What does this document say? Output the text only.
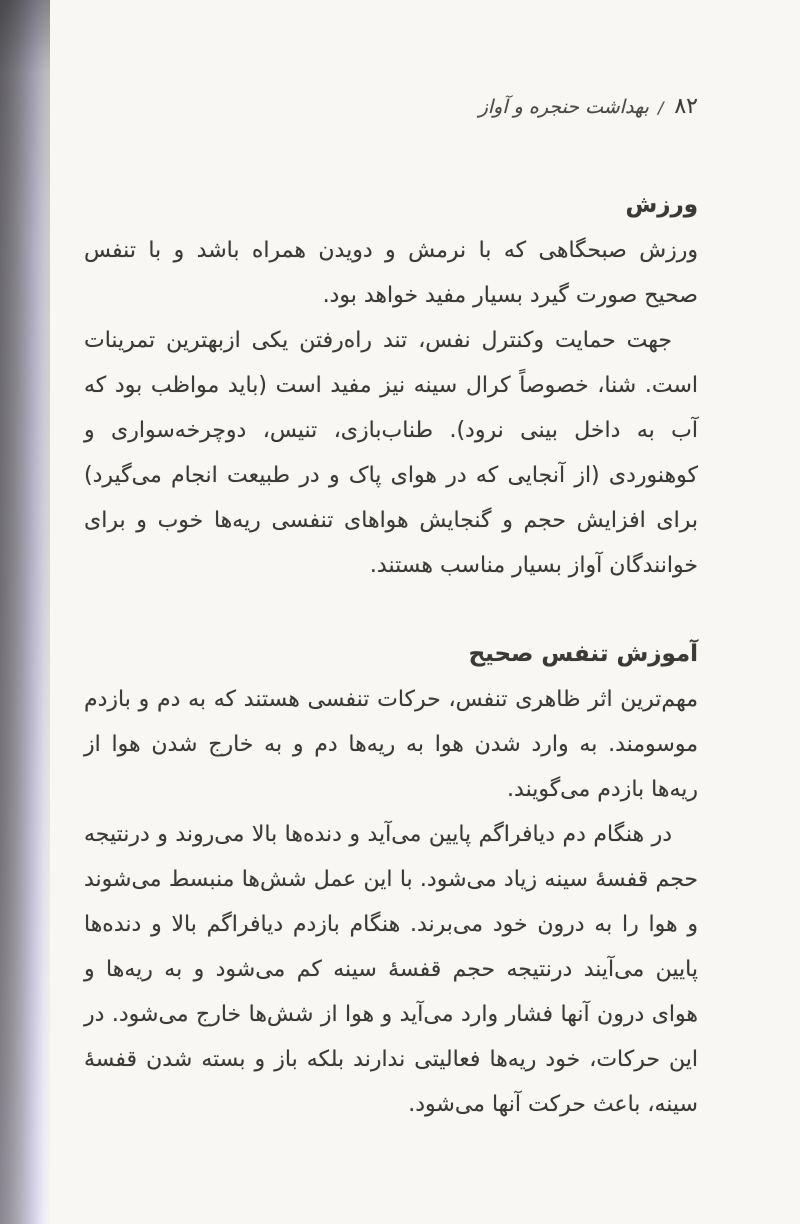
۸۲/بهداشت حنجره و آواز
ورزش

ورزش صبحگاهی که با نرمش و دویدن همراه باشد و با تنفس صحیح صورت گیرد بسیار مفید خواهد بود.

جهت حمایت وکنترل نفس، تند راه‌رفتن یکی ازبهترین تمرینات است. شنا، خصوصاً کرال سینه نیز مفید است (باید مواظب بود که آب به داخل بینی نرود). طناب‌بازی، تنیس، دوچرخه‌سواری و کوهنوردی (از آنجایی که در هوای پاک و در طبیعت انجام می‌گیرد) برای افزایش حجم و گنجایش هواهای تنفسی ریه‌ها خوب و برای خوانندگان آواز بسیار مناسب هستند.

آموزش تنفس صحیح

مهم‌ترین اثر ظاهری تنفس، حرکات تنفسی هستند که به دم و بازدم موسومند. به وارد شدن هوا به ریه‌ها دم و به خارج شدن هوا از ریه‌ها بازدم می‌گویند.

در هنگام دم دیافراگم پایین می‌آید و دنده‌ها بالا می‌روند و درنتیجه حجم قفسهٔ سینه زیاد می‌شود. با این عمل شش‌ها منبسط می‌شوند و هوا را به درون خود می‌برند. هنگام بازدم دیافراگم بالا و دنده‌ها پایین می‌آیند درنتیجه حجم قفسهٔ سینه کم می‌شود و به ریه‌ها و هوای درون آنها فشار وارد می‌آید و هوا از شش‌ها خارج می‌شود. در این حرکات، خود ریه‌ها فعالیتی ندارند بلکه باز و بسته شدن قفسهٔ سینه، باعث حرکت آنها می‌شود.
